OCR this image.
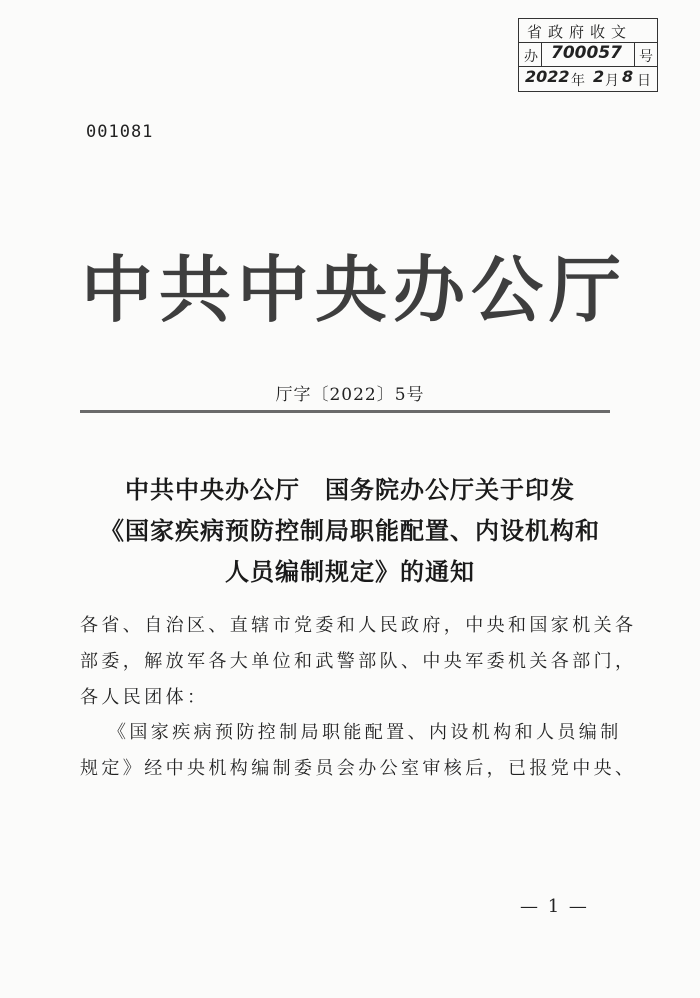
省政府收文
办 700057 号
2022 年 2 月 8 日
001081
中共中央办公厅
厅字〔2022〕5号
中共中央办公厅　国务院办公厅关于印发
《国家疾病预防控制局职能配置、内设机构和
人员编制规定》的通知
各省、自治区、直辖市党委和人民政府，中央和国家机关各
部委，解放军各大单位和武警部队、中央军委机关各部门，
各人民团体：
《国家疾病预防控制局职能配置、内设机构和人员编制
规定》经中央机构编制委员会办公室审核后，已报党中央、
— 1 —
